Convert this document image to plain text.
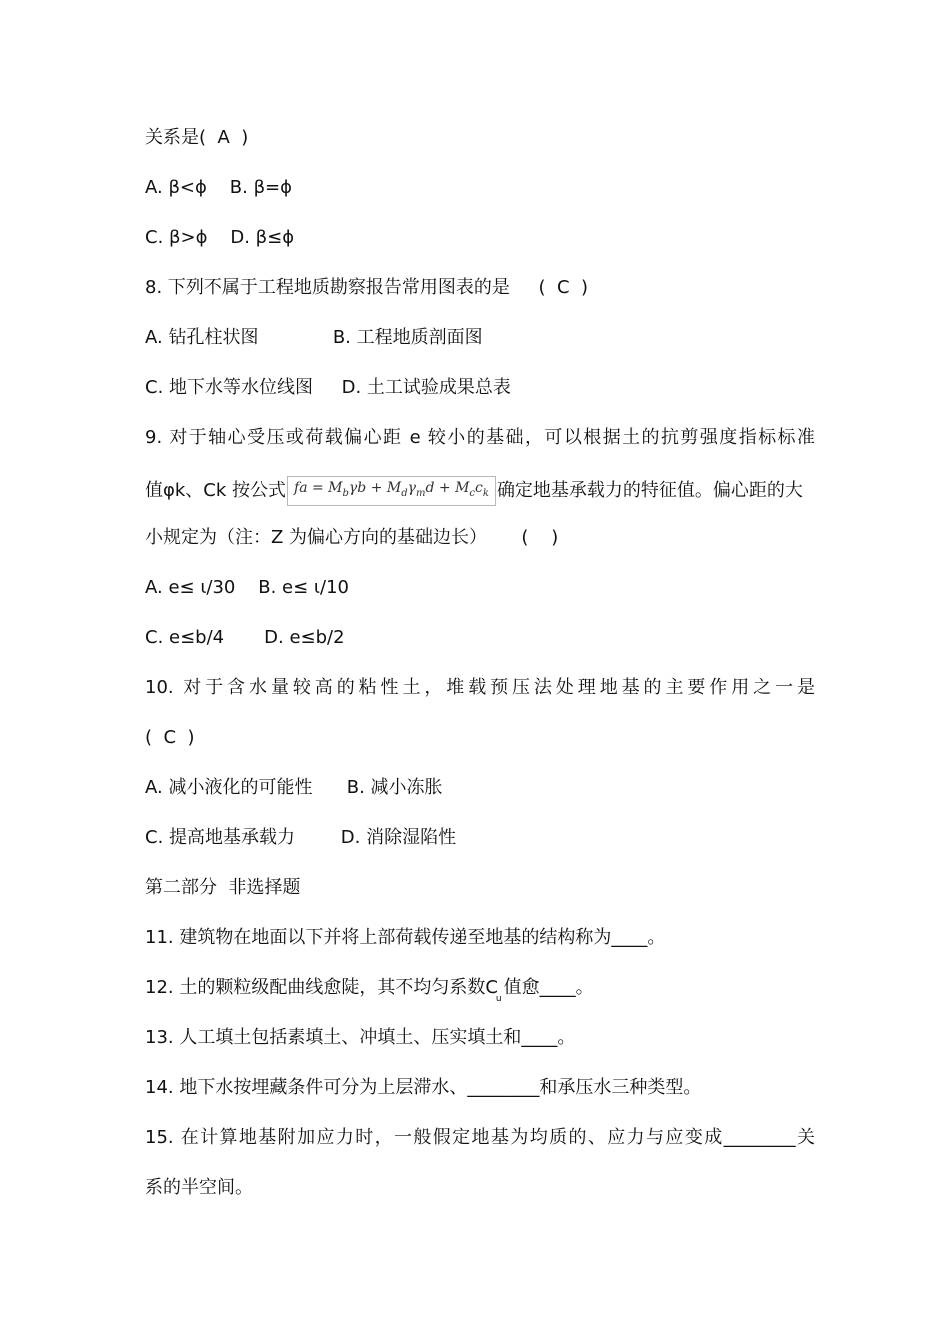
关系是(  A  )
A. β<ϕ    B. β=ϕ
C. β>ϕ    D. β≤ϕ
8. 下列不属于工程地质勘察报告常用图表的是     (  C  )
A. 钻孔柱状图             B. 工程地质剖面图
C. 地下水等水位线图     D. 土工试验成果总表
9. 对于轴心受压或荷载偏心距 e 较小的基础，可以根据土的抗剪强度指标标准
值φk、Ck 按公式 fa = $M_b\gamma b + M_d\gamma_md + M_cc_k$ 确定地基承载力的特征值。偏心距的大
小规定为（注：Z 为偏心方向的基础边长）      (    )
A. e≤ ι/30    B. e≤ ι/10
C. e≤b/4       D. e≤b/2
10. 对于含水量较高的粘性土，堆载预压法处理地基的主要作用之一是
(  C  )
A. 减小液化的可能性      B. 减小冻胀
C. 提高地基承载力        D. 消除湿陷性
第二部分  非选择题
11. 建筑物在地面以下并将上部荷载传递至地基的结构称为____。
12. 土的颗粒级配曲线愈陡，其不均匀系数$C_u$值愈____。
13. 人工填土包括素填土、冲填土、压实填土和____。
14. 地下水按埋藏条件可分为上层滞水、________和承压水三种类型。
15. 在计算地基附加应力时，一般假定地基为均质的、应力与应变成________关
系的半空间。
